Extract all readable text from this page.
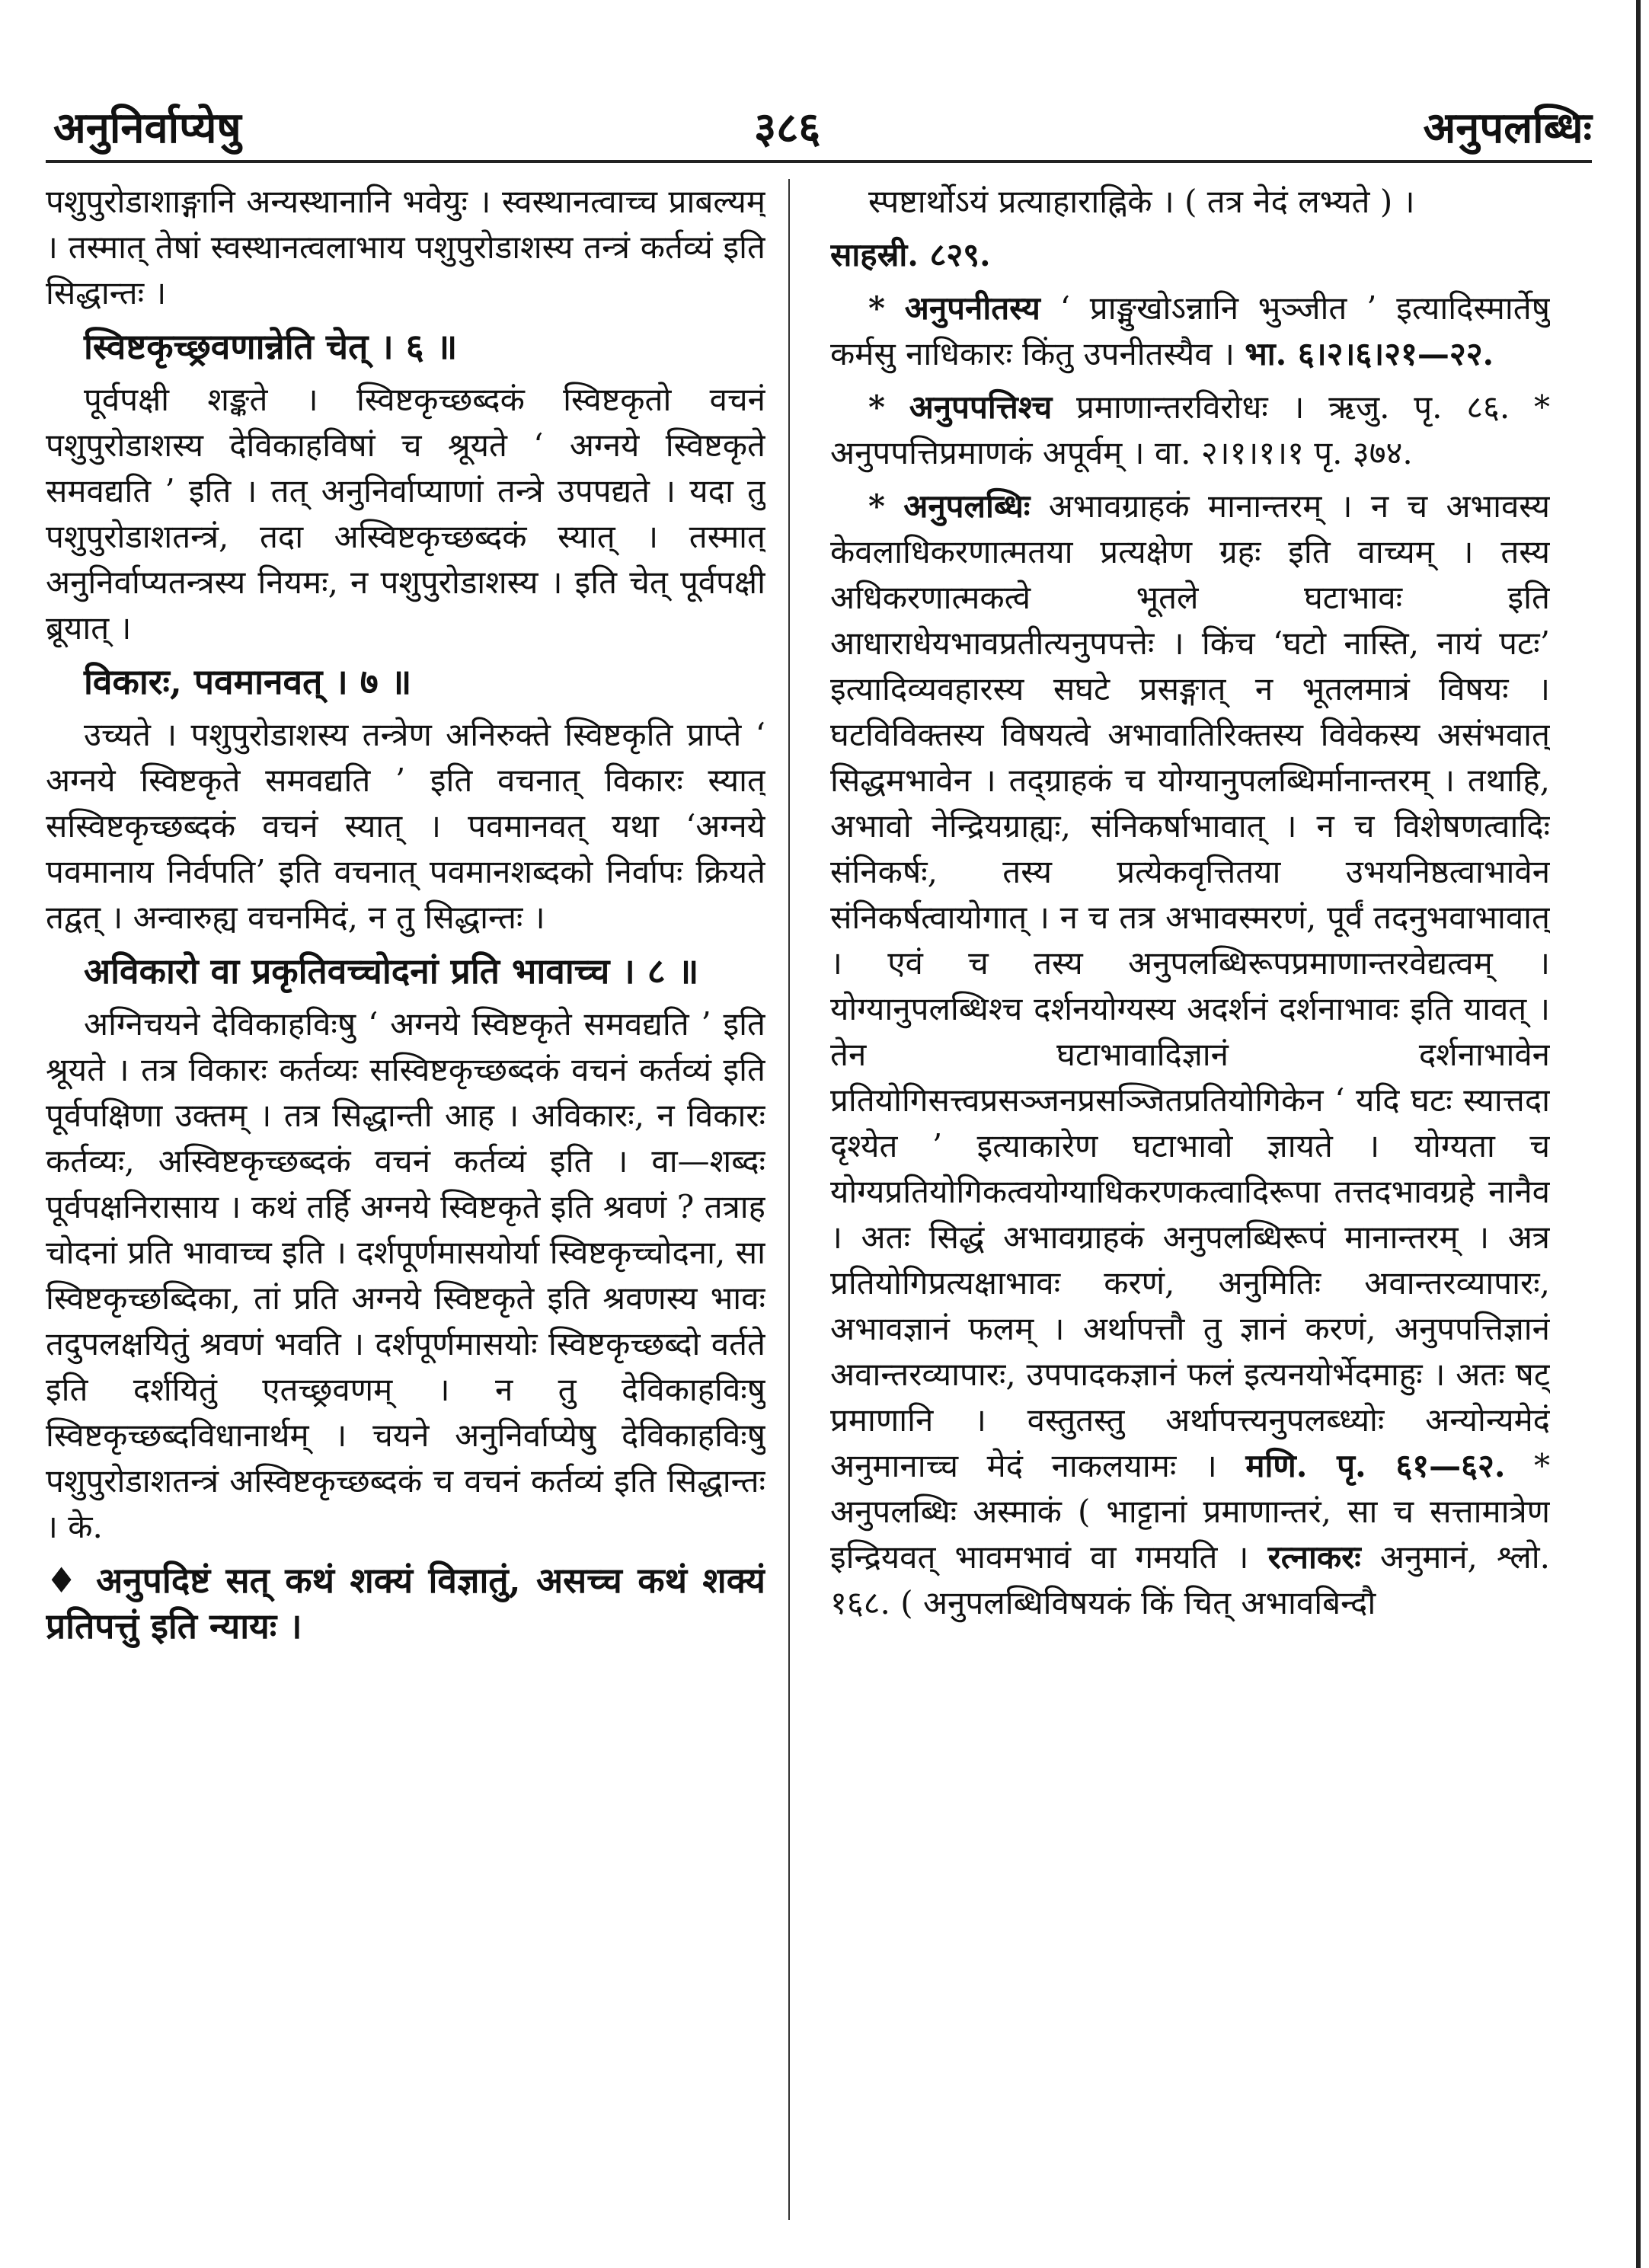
अनुनिर्वाप्येषु	३८६	अनुपलब्धिः

पशुपुरोडाशाङ्गानि अन्यस्थानानि भवेयुः । स्वस्थानत्वाच्च प्राबल्यम् । तस्मात् तेषां स्वस्थानत्वलाभाय पशुपुरोडाशस्य तन्त्रं कर्तव्यं इति सिद्धान्तः ।

स्विष्टकृच्छ्रवणान्नेति चेत् । ६ ॥

पूर्वपक्षी शङ्कते । स्विष्टकृच्छब्दकं स्विष्टकृतो वचनं पशुपुरोडाशस्य देविकाहविषां च श्रूयते ‘ अग्नये स्विष्टकृते समवद्यति ’ इति । तत् अनुनिर्वाप्याणां तन्त्रे उपपद्यते । यदा तु पशुपुरोडाशतन्त्रं, तदा अस्विष्टकृच्छब्दकं स्यात् । तस्मात् अनुनिर्वाप्यतन्त्रस्य नियमः, न पशुपुरोडाशस्य । इति चेत् पूर्वपक्षी ब्रूयात् ।

विकारः, पवमानवत् । ७ ॥

उच्यते । पशुपुरोडाशस्य तन्त्रेण अनिरुक्ते स्विष्टकृति प्राप्ते ‘ अग्नये स्विष्टकृते समवद्यति ’ इति वचनात् विकारः स्यात् सस्विष्टकृच्छब्दकं वचनं स्यात् । पवमानवत् यथा ‘अग्नये पवमानाय निर्वपति’ इति वचनात् पवमानशब्दको निर्वापः क्रियते तद्वत् । अन्वारुह्य वचनमिदं, न तु सिद्धान्तः ।

अविकारो वा प्रकृतिवच्चोदनां प्रति भावाच्च । ८ ॥

अग्निचयने देविकाहविःषु ‘ अग्नये स्विष्टकृते समवद्यति ’ इति श्रूयते । तत्र विकारः कर्तव्यः सस्विष्टकृच्छब्दकं वचनं कर्तव्यं इति पूर्वपक्षिणा उक्तम् । तत्र सिद्धान्ती आह । अविकारः, न विकारः कर्तव्यः, अस्विष्टकृच्छब्दकं वचनं कर्तव्यं इति । वा—शब्दः पूर्वपक्षनिरासाय । कथं तर्हि अग्नये स्विष्टकृते इति श्रवणं ? तत्राह चोदनां प्रति भावाच्च इति । दर्शपूर्णमासयोर्या स्विष्टकृच्चोदना, सा स्विष्टकृच्छब्दिका, तां प्रति अग्नये स्विष्टकृते इति श्रवणस्य भावः तदुपलक्षयितुं श्रवणं भवति । दर्शपूर्णमासयोः स्विष्टकृच्छब्दो वर्तते इति दर्शयितुं एतच्छ्रवणम् । न तु देविकाहविःषु स्विष्टकृच्छब्दविधानार्थम् । चयने अनुनिर्वाप्येषु देविकाहविःषु पशुपुरोडाशतन्त्रं अस्विष्टकृच्छब्दकं च वचनं कर्तव्यं इति सिद्धान्तः । के.

♦ अनुपदिष्टं सत् कथं शक्यं विज्ञातुं, असच्च कथं शक्यं प्रतिपत्तुं इति न्यायः ।

स्पष्टार्थोऽयं प्रत्याहाराह्निके । ( तत्र नेदं लभ्यते ) ।

साहस्री. ८२९.

* अनुपनीतस्य ‘ प्राङ्मुखोऽन्नानि भुञ्जीत ’ इत्यादिस्मार्तेषु कर्मसु नाधिकारः किंतु उपनीतस्यैव । भा. ६।२।६।२१—२२.

* अनुपपत्तिश्च प्रमाणान्तरविरोधः । ऋजु. पृ. ८६. * अनुपपत्तिप्रमाणकं अपूर्वम् । वा. २।१।१।१ पृ. ३७४.

* अनुपलब्धिः अभावग्राहकं मानान्तरम् । न च अभावस्य केवलाधिकरणात्मतया प्रत्यक्षेण ग्रहः इति वाच्यम् । तस्य अधिकरणात्मकत्वे भूतले घटाभावः इति आधाराधेयभावप्रतीत्यनुपपत्तेः । किंच ‘घटो नास्ति, नायं पटः’ इत्यादिव्यवहारस्य सघटे प्रसङ्गात् न भूतलमात्रं विषयः । घटविविक्तस्य विषयत्वे अभावातिरिक्तस्य विवेकस्य असंभवात् सिद्धमभावेन । तद्ग्राहकं च योग्यानुपलब्धिर्मानान्तरम् । तथाहि, अभावो नेन्द्रियग्राह्यः, संनिकर्षाभावात् । न च विशेषणत्वादिः संनिकर्षः, तस्य प्रत्येकवृत्तितया उभयनिष्ठत्वाभावेन संनिकर्षत्वायोगात् । न च तत्र अभावस्मरणं, पूर्वं तदनुभवाभावात् । एवं च तस्य अनुपलब्धिरूपप्रमाणान्तरवेद्यत्वम् । योग्यानुपलब्धिश्च दर्शनयोग्यस्य अदर्शनं दर्शनाभावः इति यावत् । तेन घटाभावादिज्ञानं दर्शनाभावेन प्रतियोगिसत्त्वप्रसञ्जनप्रसञ्जितप्रतियोगिकेन ‘ यदि घटः स्यात्तदा दृश्येत ’ इत्याकारेण घटाभावो ज्ञायते । योग्यता च योग्यप्रतियोगिकत्वयोग्याधिकरणकत्वादिरूपा तत्तदभावग्रहे नानैव । अतः सिद्धं अभावग्राहकं अनुपलब्धिरूपं मानान्तरम् । अत्र प्रतियोगिप्रत्यक्षाभावः करणं, अनुमितिः अवान्तरव्यापारः, अभावज्ञानं फलम् । अर्थापत्तौ तु ज्ञानं करणं, अनुपपत्तिज्ञानं अवान्तरव्यापारः, उपपादकज्ञानं फलं इत्यनयोर्भेदमाहुः । अतः षट् प्रमाणानि । वस्तुतस्तु अर्थापत्त्यनुपलब्ध्योः अन्योन्यमेदं अनुमानाच्च मेदं नाकलयामः । मणि. पृ. ६१—६२. * अनुपलब्धिः अस्माकं ( भाट्टानां प्रमाणान्तरं, सा च सत्तामात्रेण इन्द्रियवत् भावमभावं वा गमयति । रत्नाकरः अनुमानं, श्लो. १६८. ( अनुपलब्धिविषयकं किं चित् अभावबिन्दौ
